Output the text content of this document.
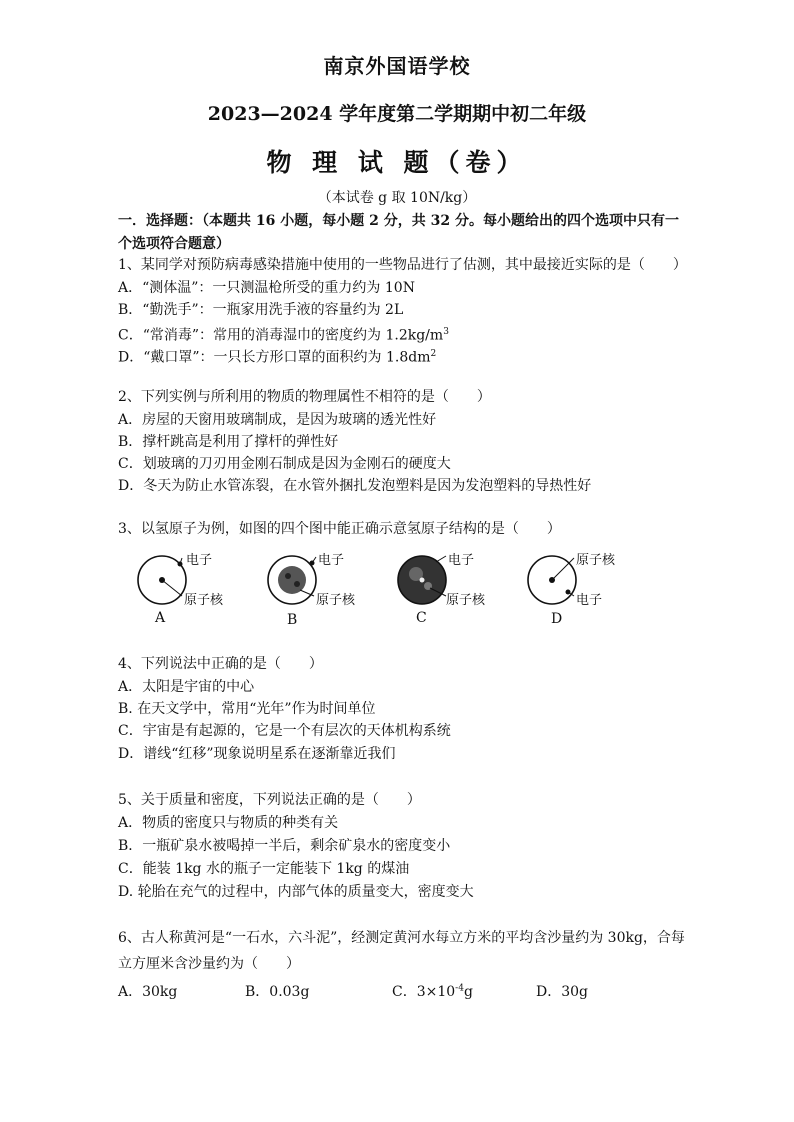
南京外国语学校
2023—2024 学年度第二学期期中初二年级
物 理 试 题（卷）
（本试卷 g 取 10N/kg）
一．选择题：（本题共 16 小题，每小题 2 分，共 32 分。每小题给出的四个选项中只有一
个选项符合题意）
1、某同学对预防病毒感染措施中使用的一些物品进行了估测，其中最接近实际的是（　　）
A．“测体温”：一只测温枪所受的重力约为 10N
B．“勤洗手”：一瓶家用洗手液的容量约为 2L
C．“常消毒”：常用的消毒湿巾的密度约为 $1.2kg/m^3$
D．“戴口罩”：一只长方形口罩的面积约为 $1.8dm^2$
2、下列实例与所利用的物质的物理属性不相符的是（　　）
A．房屋的天窗用玻璃制成，是因为玻璃的透光性好
B．撑杆跳高是利用了撑杆的弹性好
C．划玻璃的刀刃用金刚石制成是因为金刚石的硬度大
D．冬天为防止水管冻裂，在水管外捆扎发泡塑料是因为发泡塑料的导热性好
3、以氢原子为例，如图的四个图中能正确示意氢原子结构的是（　　）
电子
原子核
电子
原子核
电子
原子核
原子核
电子
A	B	C	D
4、下列说法中正确的是（　　）
A．太阳是宇宙的中心
B. 在天文学中，常用“光年”作为时间单位
C．宇宙是有起源的，它是一个有层次的天体机构系统
D．谱线“红移”现象说明星系在逐渐靠近我们
5、关于质量和密度，下列说法正确的是（　　）
A．物质的密度只与物质的种类有关
B．一瓶矿泉水被喝掉一半后，剩余矿泉水的密度变小
C．能装 1kg 水的瓶子一定能装下 1kg 的煤油
D. 轮胎在充气的过程中，内部气体的质量变大，密度变大
6、古人称黄河是“一石水，六斗泥”，经测定黄河水每立方米的平均含沙量约为 30kg，合每
立方厘米含沙量约为（　　）
A．30kg	B．0.03g	C．$3\times 10^{-4}g$	D．30g
